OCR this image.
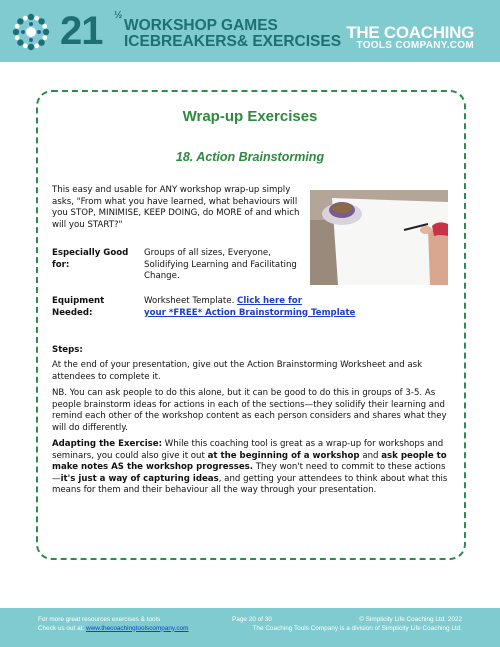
21 ½
WORKSHOP GAMES
ICEBREAKERS& EXERCISES THE COACHING
TOOLS COMPANY.COM
Wrap-up Exercises
18. Action Brainstorming
This easy and usable for ANY workshop wrap-up simply asks, "From what you have learned, what behaviours will you STOP, MINIMISE, KEEP DOING, do MORE of and which will you START?"
Especially Good for:
Groups of all sizes, Everyone, Solidifying Learning and Facilitating Change.
Equipment Needed:
Worksheet Template. Click here for
your *FREE* Action Brainstorming Template
Steps:
At the end of your presentation, give out the Action Brainstorming Worksheet and ask attendees to complete it.
NB. You can ask people to do this alone, but it can be good to do this in groups of 3-5. As people brainstorm ideas for actions in each of the sections—they solidify their learning and remind each other of the workshop content as each person considers and shares what they will do differently.
Adapting the Exercise: While this coaching tool is great as a wrap-up for workshops and seminars, you could also give it out at the beginning of a workshop and ask people to make notes AS the workshop progresses. They won't need to commit to these actions—it's just a way of capturing ideas, and getting your attendees to think about what this means for them and their behaviour all the way through your presentation.
For more great resources exercises & tools
Check us out at: www.thecoachingtoolscompany.com
Page 20 of 30	© Simplicity Life Coaching Ltd. 2022
The Coaching Tools Company is a division of Simplicity Life Coaching Ltd.
